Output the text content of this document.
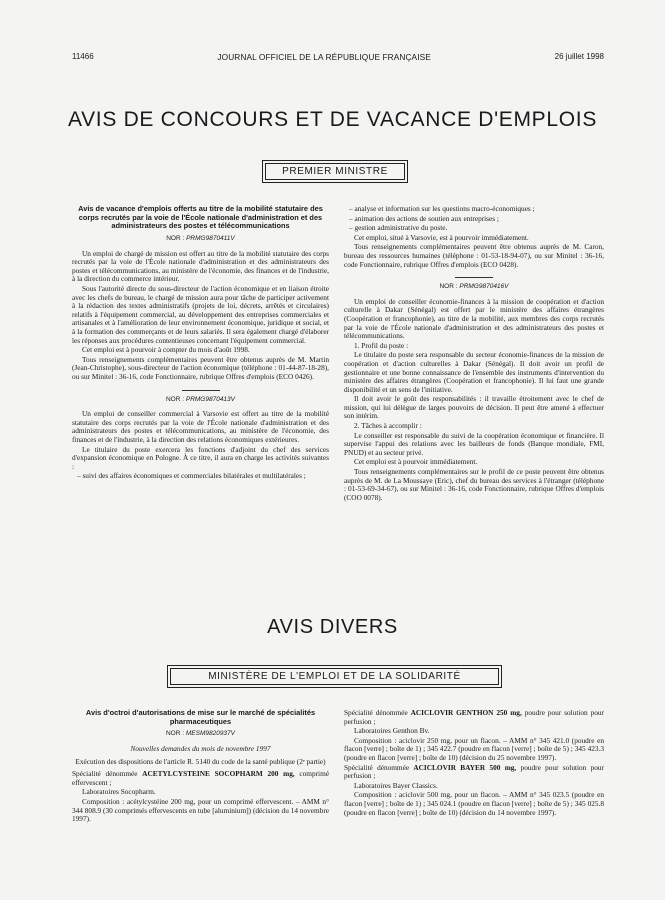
11466	JOURNAL OFFICIEL DE LA RÉPUBLIQUE FRANÇAISE	26 juillet 1998
AVIS DE CONCOURS ET DE VACANCE D'EMPLOIS
PREMIER MINISTRE
Avis de vacance d'emplois offerts au titre de la mobilité statutaire des corps recrutés par la voie de l'École nationale d'administration et des administrateurs des postes et télécommunications
NOR : PRMG9870411V

Un emploi de chargé de mission est offert au titre de la mobilité statutaire des corps recrutés par la voie de l'École nationale d'administration et des administrateurs des postes et télécommunications, au ministère de l'économie, des finances et de l'industrie, à la direction du commerce intérieur.

Sous l'autorité directe du sous-directeur de l'action économique et en liaison étroite avec les chefs de bureau, le chargé de mission aura pour tâche de participer activement à la rédaction des textes administratifs (projets de loi, décrets, arrêtés et circulaires) relatifs à l'équipement commercial, au développement des entreprises commerciales et artisanales et à l'amélioration de leur environnement économique, juridique et social, et à la formation des commerçants et de leurs salariés. Il sera également chargé d'élaborer les réponses aux procédures contentieuses concernant l'équipement commercial.

Cet emploi est à pourvoir à compter du mois d'août 1998.

Tous renseignements complémentaires peuvent être obtenus auprès de M. Martin (Jean-Christophe), sous-directeur de l'action économique (téléphone : 01-44-87-18-28), ou sur Minitel : 36-16, code Fonctionnaire, rubrique Offres d'emplois (ECO 0426).

NOR : PRMG9870413V

Un emploi de conseiller commercial à Varsovie est offert au titre de la mobilité statutaire des corps recrutés par la voie de l'École nationale d'administration et des administrateurs des postes et télécommunications, au ministère de l'économie, des finances et de l'industrie, à la direction des relations économiques extérieures.

Le titulaire du poste exercera les fonctions d'adjoint du chef des services d'expansion économique en Pologne. À ce titre, il aura en charge les activités suivantes :

– suivi des affaires économiques et commerciales bilatérales et multilatérales ;

– analyse et information sur les questions macro-économiques ;

– animation des actions de soutien aux entreprises ;

– gestion administrative du poste.

Cet emploi, situé à Varsovie, est à pourvoir immédiatement.

Tous renseignements complémentaires peuvent être obtenus auprès de M. Caron, bureau des ressources humaines (téléphone : 01-53-18-94-07), ou sur Minitel : 36-16, code Fonctionnaire, rubrique Offres d'emplois (ECO 0428).

NOR : PRMG9870416V

Un emploi de conseiller économie-finances à la mission de coopération et d'action culturelle à Dakar (Sénégal) est offert par le ministère des affaires étrangères (Coopération et francophonie), au titre de la mobilité, aux membres des corps recrutés par la voie de l'École nationale d'administration et des administrateurs des postes et télécommunications.

1. Profil du poste :

Le titulaire du poste sera responsable du secteur économie-finances de la mission de coopération et d'action culturelles à Dakar (Sénégal). Il doit avoir un profil de gestionnaire et une bonne connaissance de l'ensemble des instruments d'intervention du ministère des affaires étrangères (Coopération et francophonie). Il lui faut une grande disponibilité et un sens de l'initiative.

Il doit avoir le goût des responsabilités : il travaille étroitement avec le chef de mission, qui lui délègue de larges pouvoirs de décision. Il peut être amené à effectuer son intérim.

2. Tâches à accomplir :

Le conseiller est responsable du suivi de la coopération économique et financière. Il supervise l'appui des relations avec les bailleurs de fonds (Banque mondiale, FMI, PNUD) et au secteur privé.

Cet emploi est à pourvoir immédiatement.

Tous renseignements complémentaires sur le profil de ce poste peuvent être obtenus auprès de M. de La Moussaye (Eric), chef du bureau des services à l'étranger (téléphone : 01-53-69-34-67), ou sur Minitel : 36-16, code Fonctionnaire, rubrique Offres d'emplois (COO 0078).

AVIS DIVERS
MINISTÈRE DE L'EMPLOI ET DE LA SOLIDARITÉ
Avis d'octroi d'autorisations de mise sur le marché de spécialités pharmaceutiques
NOR : MESM9820937V

Nouvelles demandes du mois de novembre 1997

Exécution des dispositions de l'article R. 5140 du code de la santé publique (2ᵉ partie)

Spécialité dénommée ACETYLCYSTEINE SOCOPHARM 200 mg, comprimé effervescent ;

Laboratoires Socopharm.

Composition : acétylcystéine 200 mg, pour un comprimé effervescent. – AMM n° 344 808.9 (30 comprimés effervescents en tube [aluminium]) (décision du 14 novembre 1997).

Spécialité dénommée ACICLOVIR GENTHON 250 mg, poudre pour solution pour perfusion ;

Laboratoires Genthon Bv.

Composition : aciclovir 250 mg, pour un flacon. – AMM n° 345 421.0 (poudre en flacon [verre] ; boîte de 1) ; 345 422.7 (poudre en flacon [verre] ; boîte de 5) ; 345 423.3 (poudre en flacon [verre] ; boîte de 10) (décision du 25 novembre 1997).

Spécialité dénommée ACICLOVIR BAYER 500 mg, poudre pour solution pour perfusion ;

Laboratoires Bayer Classics.

Composition : aciclovir 500 mg, pour un flacon. – AMM n° 345 023.5 (poudre en flacon [verre] ; boîte de 1) ; 345 024.1 (poudre en flacon [verre] ; boîte de 5) ; 345 025.8 (poudre en flacon [verre] ; boîte de 10) (décision du 14 novembre 1997).
